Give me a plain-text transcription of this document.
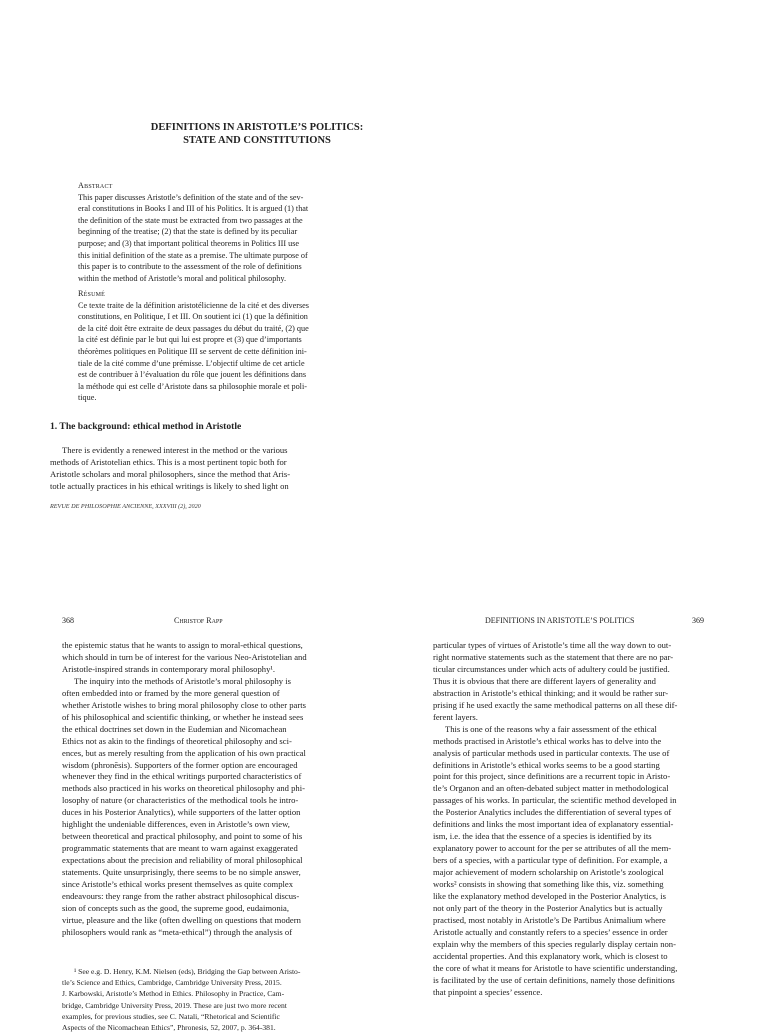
DEFINITIONS IN ARISTOTLE’S POLITICS:
STATE AND CONSTITUTIONS
Abstract
This paper discusses Aristotle’s definition of the state and of the sev-
eral constitutions in Books I and III of his Politics. It is argued (1) that
the definition of the state must be extracted from two passages at the
beginning of the treatise; (2) that the state is defined by its peculiar
purpose; and (3) that important political theorems in Politics III use
this initial definition of the state as a premise. The ultimate purpose of
this paper is to contribute to the assessment of the role of definitions
within the method of Aristotle’s moral and political philosophy.
Résumé
Ce texte traite de la définition aristotélicienne de la cité et des diverses
constitutions, en Politique, I et III. On soutient ici (1) que la définition
de la cité doit être extraite de deux passages du début du traité, (2) que
la cité est définie par le but qui lui est propre et (3) que d’importants
théorèmes politiques en Politique III se servent de cette définition ini-
tiale de la cité comme d’une prémisse. L’objectif ultime de cet article
est de contribuer à l’évaluation du rôle que jouent les définitions dans
la méthode qui est celle d’Aristote dans sa philosophie morale et poli-
tique.
1. The background: ethical method in Aristotle
There is evidently a renewed interest in the method or the various
methods of Aristotelian ethics. This is a most pertinent topic both for
Aristotle scholars and moral philosophers, since the method that Aris-
totle actually practices in his ethical writings is likely to shed light on
REVUE DE PHILOSOPHIE ANCIENNE, XXXVIII (2), 2020
368	Christof Rapp
the epistemic status that he wants to assign to moral-ethical questions,
which should in turn be of interest for the various Neo-Aristotelian and
Aristotle-inspired strands in contemporary moral philosophy¹.
The inquiry into the methods of Aristotle’s moral philosophy is
often embedded into or framed by the more general question of
whether Aristotle wishes to bring moral philosophy close to other parts
of his philosophical and scientific thinking, or whether he instead sees
the ethical doctrines set down in the Eudemian and Nicomachean
Ethics not as akin to the findings of theoretical philosophy and sci-
ences, but as merely resulting from the application of his own practical
wisdom (phronēsis). Supporters of the former option are encouraged
whenever they find in the ethical writings purported characteristics of
methods also practiced in his works on theoretical philosophy and phi-
losophy of nature (or characteristics of the methodical tools he intro-
duces in his Posterior Analytics), while supporters of the latter option
highlight the undeniable differences, even in Aristotle’s own view,
between theoretical and practical philosophy, and point to some of his
programmatic statements that are meant to warn against exaggerated
expectations about the precision and reliability of moral philosophical
statements. Quite unsurprisingly, there seems to be no simple answer,
since Aristotle’s ethical works present themselves as quite complex
endeavours: they range from the rather abstract philosophical discus-
sion of concepts such as the good, the supreme good, eudaimonia,
virtue, pleasure and the like (often dwelling on questions that modern
philosophers would rank as “meta-ethical”) through the analysis of
¹ See e.g. D. Henry, K.M. Nielsen (eds), Bridging the Gap between Aristo-
tle’s Science and Ethics, Cambridge, Cambridge University Press, 2015.
J. Karbowski, Aristotle’s Method in Ethics. Philosophy in Practice, Cam-
bridge, Cambridge University Press, 2019. These are just two more recent
examples, for previous studies, see C. Natali, “Rhetorical and Scientific
Aspects of the Nicomachean Ethics”, Phronesis, 52, 2007, p. 364-381.
DEFINITIONS IN ARISTOTLE’S POLITICS	369
particular types of virtues of Aristotle’s time all the way down to out-
right normative statements such as the statement that there are no par-
ticular circumstances under which acts of adultery could be justified.
Thus it is obvious that there are different layers of generality and
abstraction in Aristotle’s ethical thinking; and it would be rather sur-
prising if he used exactly the same methodical patterns on all these dif-
ferent layers.
This is one of the reasons why a fair assessment of the ethical
methods practised in Aristotle’s ethical works has to delve into the
analysis of particular methods used in particular contexts. The use of
definitions in Aristotle’s ethical works seems to be a good starting
point for this project, since definitions are a recurrent topic in Aristo-
tle’s Organon and an often-debated subject matter in methodological
passages of his works. In particular, the scientific method developed in
the Posterior Analytics includes the differentiation of several types of
definitions and links the most important idea of explanatory essential-
ism, i.e. the idea that the essence of a species is identified by its
explanatory power to account for the per se attributes of all the mem-
bers of a species, with a particular type of definition. For example, a
major achievement of modern scholarship on Aristotle’s zoological
works² consists in showing that something like this, viz. something
like the explanatory method developed in the Posterior Analytics, is
not only part of the theory in the Posterior Analytics but is actually
practised, most notably in Aristotle’s De Partibus Animalium where
Aristotle actually and constantly refers to a species’ essence in order
explain why the members of this species regularly display certain non-
accidental properties. And this explanatory work, which is closest to
the core of what it means for Aristotle to have scientific understanding,
is facilitated by the use of certain definitions, namely those definitions
that pinpoint a species’ essence.
